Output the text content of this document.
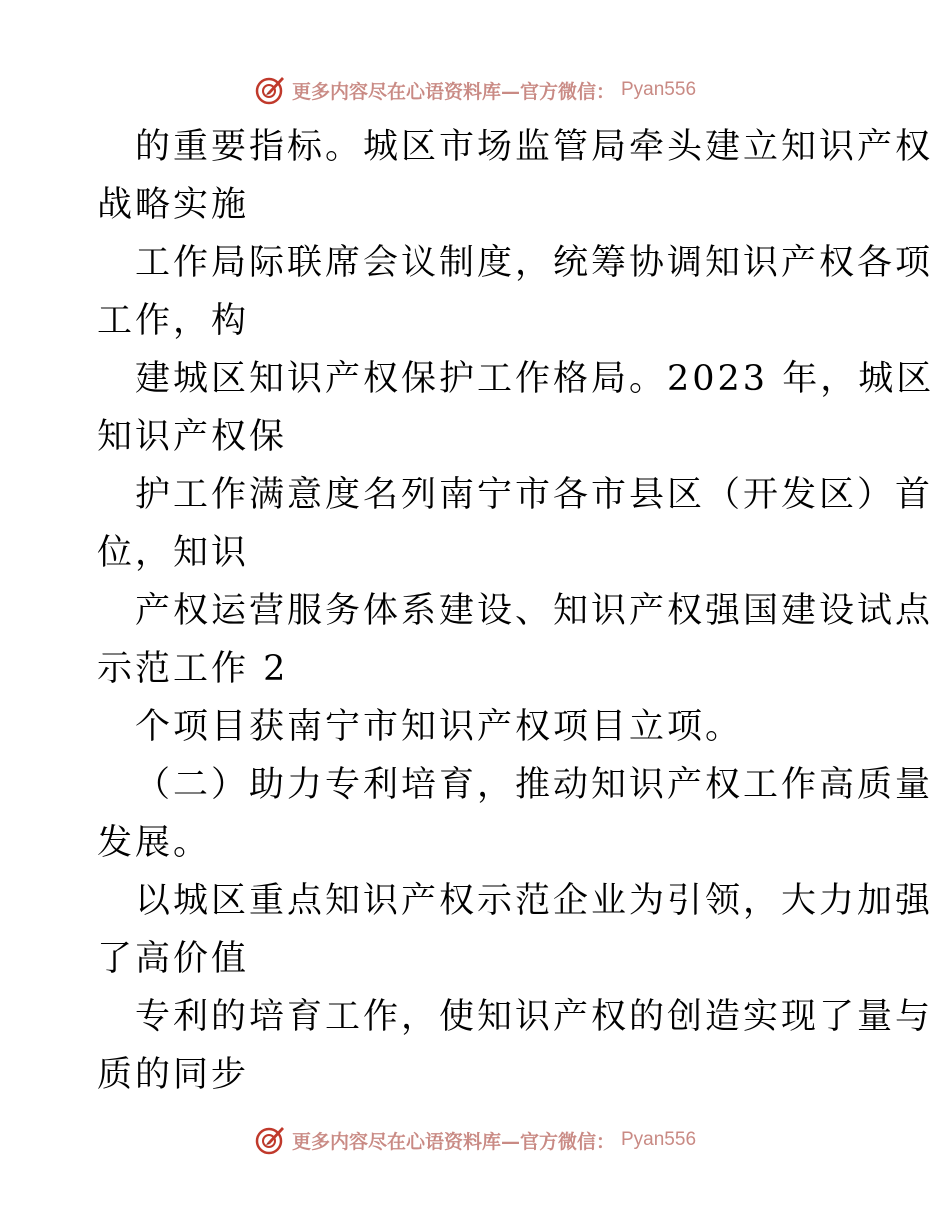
更多内容尽在心语资料库—官方微信： Pyan556
的重要指标。城区市场监管局牵头建立知识产权
战略实施
工作局际联席会议制度，统筹协调知识产权各项
工作，构
建城区知识产权保护工作格局。2023 年，城区
知识产权保
护工作满意度名列南宁市各市县区（开发区）首
位，知识
产权运营服务体系建设、知识产权强国建设试点
示范工作 2
个项目获南宁市知识产权项目立项。
（二）助力专利培育，推动知识产权工作高质量
发展。
以城区重点知识产权示范企业为引领，大力加强
了高价值
专利的培育工作，使知识产权的创造实现了量与
质的同步
更多内容尽在心语资料库—官方微信： Pyan556
